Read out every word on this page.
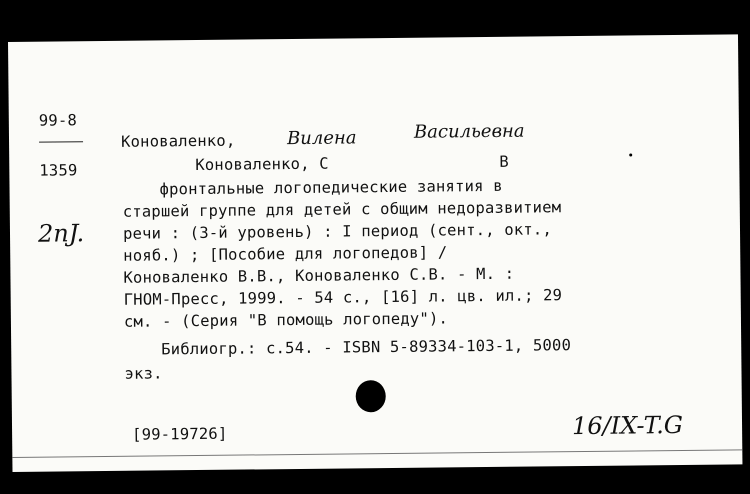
99-8
1359
2nJ.
Коноваленко,	Вилена	Васильевна
Коноваленко, С	В
фронтальные логопедические занятия в
старшей группе для детей с общим недоразвитием
речи : (3-й уровень) : I период (сент., окт.,
нояб.) ; [Пособие для логопедов] /
Коноваленко В.В., Коноваленко С.В. - М. :
ГНОМ-Пресс, 1999. - 54 с., [16] л. цв. ил.; 29
см. - (Серия "В помощь логопеду").
Библиогр.: с.54. - ISBN 5-89334-103-1, 5000
экз.
[99-19726]	16/IX-T.G
